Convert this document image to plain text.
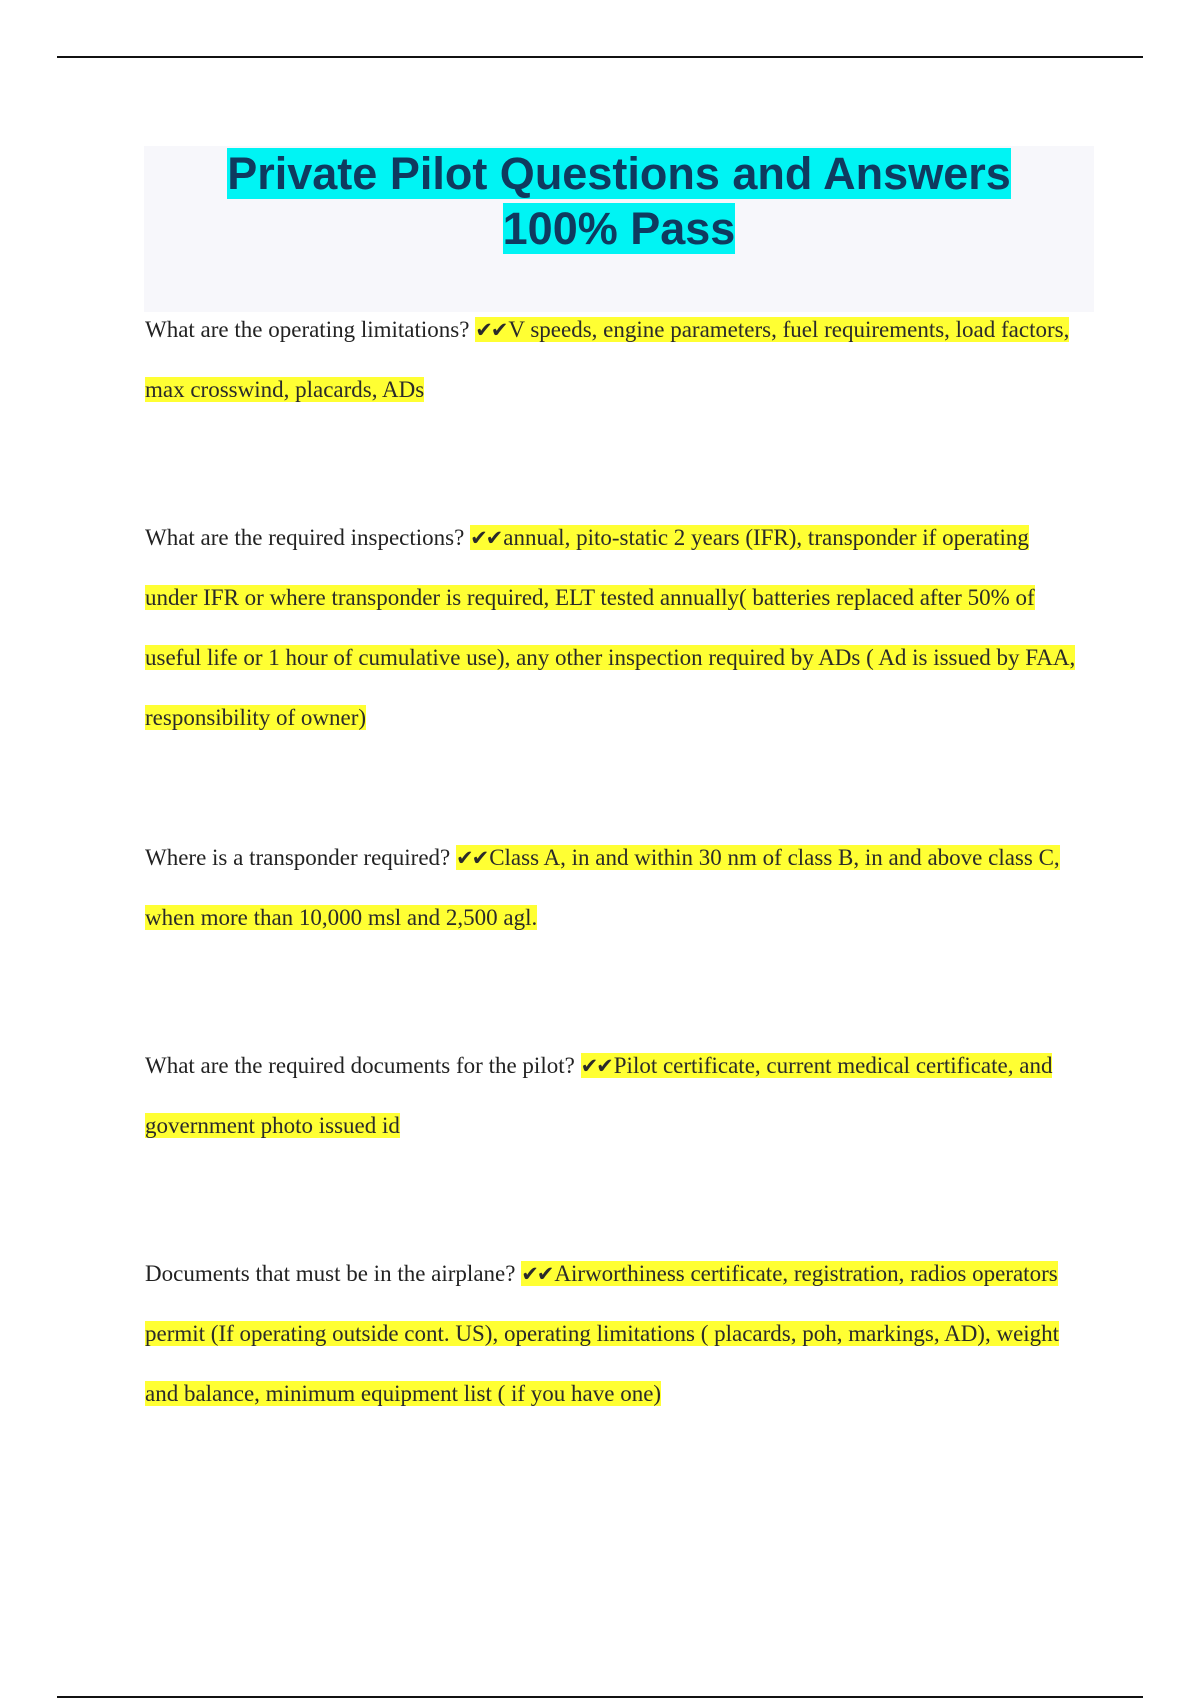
Private Pilot Questions and Answers 100% Pass
What are the operating limitations? ✔✔V speeds, engine parameters, fuel requirements, load factors, max crosswind, placards, ADs
What are the required inspections? ✔✔annual, pito-static 2 years (IFR), transponder if operating under IFR or where transponder is required, ELT tested annually( batteries replaced after 50% of useful life or 1 hour of cumulative use), any other inspection required by ADs ( Ad is issued by FAA, responsibility of owner)
Where is a transponder required? ✔✔Class A, in and within 30 nm of class B, in and above class C, when more than 10,000 msl and 2,500 agl.
What are the required documents for the pilot? ✔✔Pilot certificate, current medical certificate, and government photo issued id
Documents that must be in the airplane? ✔✔Airworthiness certificate, registration, radios operators permit (If operating outside cont. US), operating limitations ( placards, poh, markings, AD), weight and balance, minimum equipment list ( if you have one)
